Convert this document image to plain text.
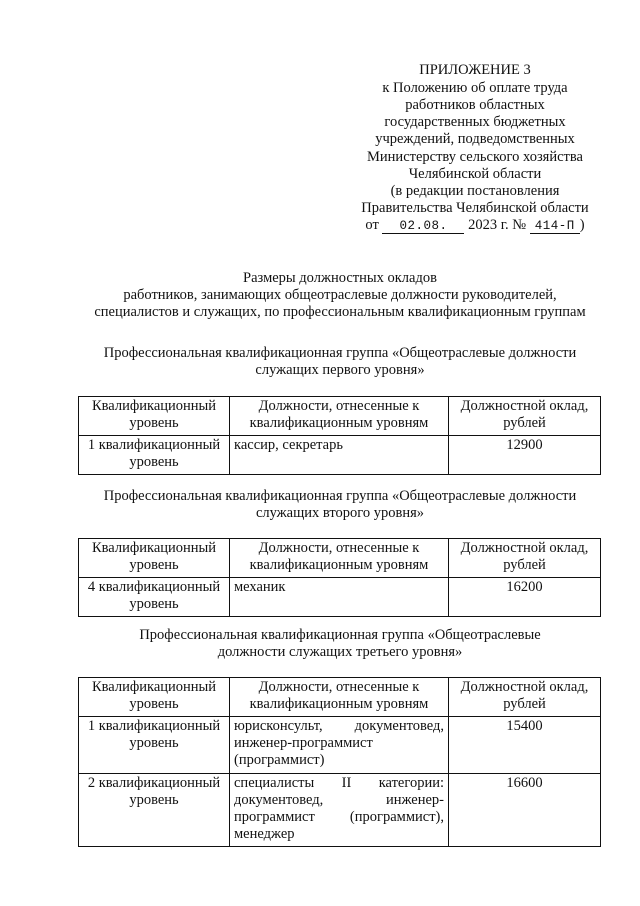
ПРИЛОЖЕНИЕ 3
к Положению об оплате труда
работников областных
государственных бюджетных
учреждений, подведомственных
Министерству сельского хозяйства
Челябинской области
(в редакции постановления
Правительства Челябинской области
от 02.08. 2023 г. № 414-П )
Размеры должностных окладов
работников, занимающих общеотраслевые должности руководителей,
специалистов и служащих, по профессиональным квалификационным группам
Профессиональная квалификационная группа «Общеотраслевые должности
служащих первого уровня»
Квалификационный уровень	Должности, отнесенные к квалификационным уровням	Должностной оклад, рублей
1 квалификационный уровень	кассир, секретарь	12900
Профессиональная квалификационная группа «Общеотраслевые должности
служащих второго уровня»
Квалификационный уровень	Должности, отнесенные к квалификационным уровням	Должностной оклад, рублей
4 квалификационный уровень	механик	16200
Профессиональная квалификационная группа «Общеотраслевые
должности служащих третьего уровня»
Квалификационный уровень	Должности, отнесенные к квалификационным уровням	Должностной оклад, рублей
1 квалификационный уровень	юрисконсульт, документовед, инженер-программист (программист)	15400
2 квалификационный уровень	специалисты II категории: документовед, инженер-программист (программист), менеджер	16600
